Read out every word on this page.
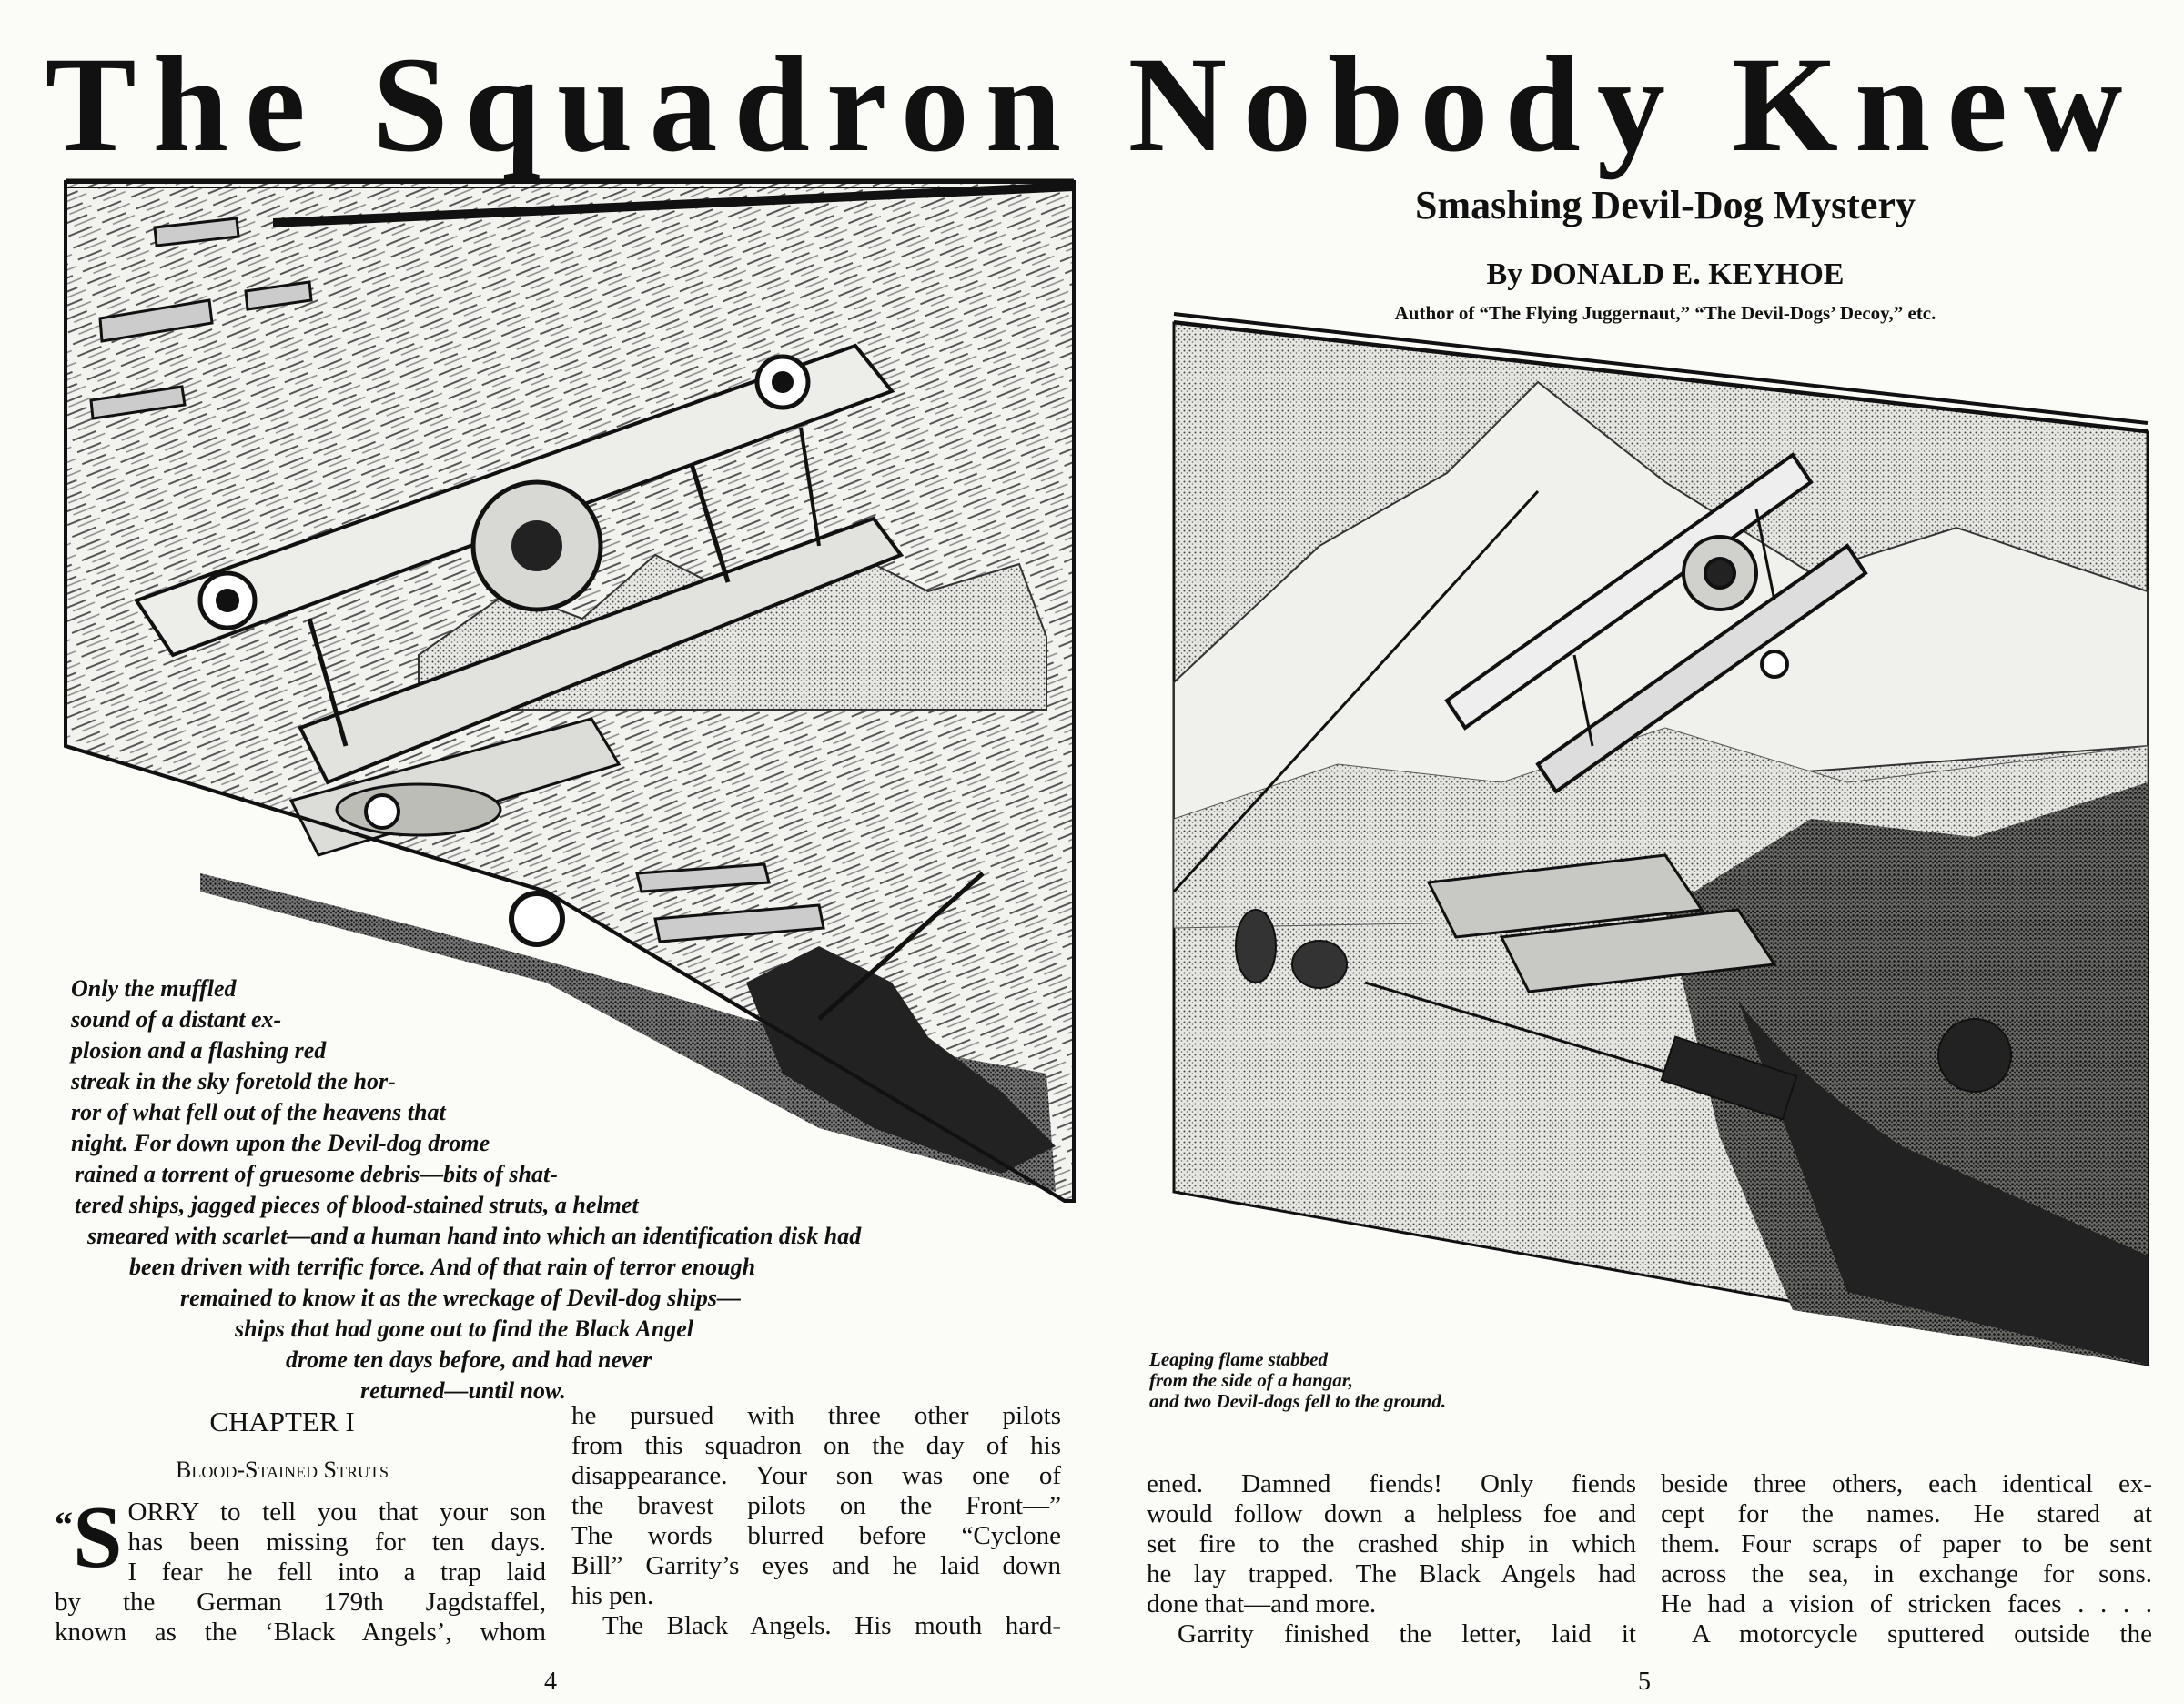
The Squadron Nobody Knew
Smashing Devil-Dog Mystery
By DONALD E. KEYHOE
Author of “The Flying Juggernaut,” “The Devil-Dogs’ Decoy,” etc.
Only the muffled
sound of a distant ex-
plosion and a flashing red
streak in the sky foretold the hor-
ror of what fell out of the heavens that
night. For down upon the Devil-dog drome
rained a torrent of gruesome debris—bits of shat-
tered ships, jagged pieces of blood-stained struts, a helmet
smeared with scarlet—and a human hand into which an identification disk had
been driven with terrific force. And of that rain of terror enough
remained to know it as the wreckage of Devil-dog ships—
ships that had gone out to find the Black Angel
drome ten days before, and had never
returned—until now.
Leaping flame stabbed
from the side of a hangar,
and two Devil-dogs fell to the ground.
CHAPTER I
Blood-Stained Struts
“ S ORRY to tell you that your son
has been missing for ten days.
I fear he fell into a trap laid
by the German 179th Jagdstaffel,
known as the ‘Black Angels’, whom
he pursued with three other pilots
from this squadron on the day of his
disappearance. Your son was one of
the bravest pilots on the Front—”
The words blurred before “Cyclone
Bill” Garrity’s eyes and he laid down
his pen.
The Black Angels. His mouth hard-
ened. Damned fiends! Only fiends
would follow down a helpless foe and
set fire to the crashed ship in which
he lay trapped. The Black Angels had
done that—and more.
Garrity finished the letter, laid it
beside three others, each identical ex-
cept for the names. He stared at
them. Four scraps of paper to be sent
across the sea, in exchange for sons.
He had a vision of stricken faces . . . .
A motorcycle sputtered outside the
4	5
